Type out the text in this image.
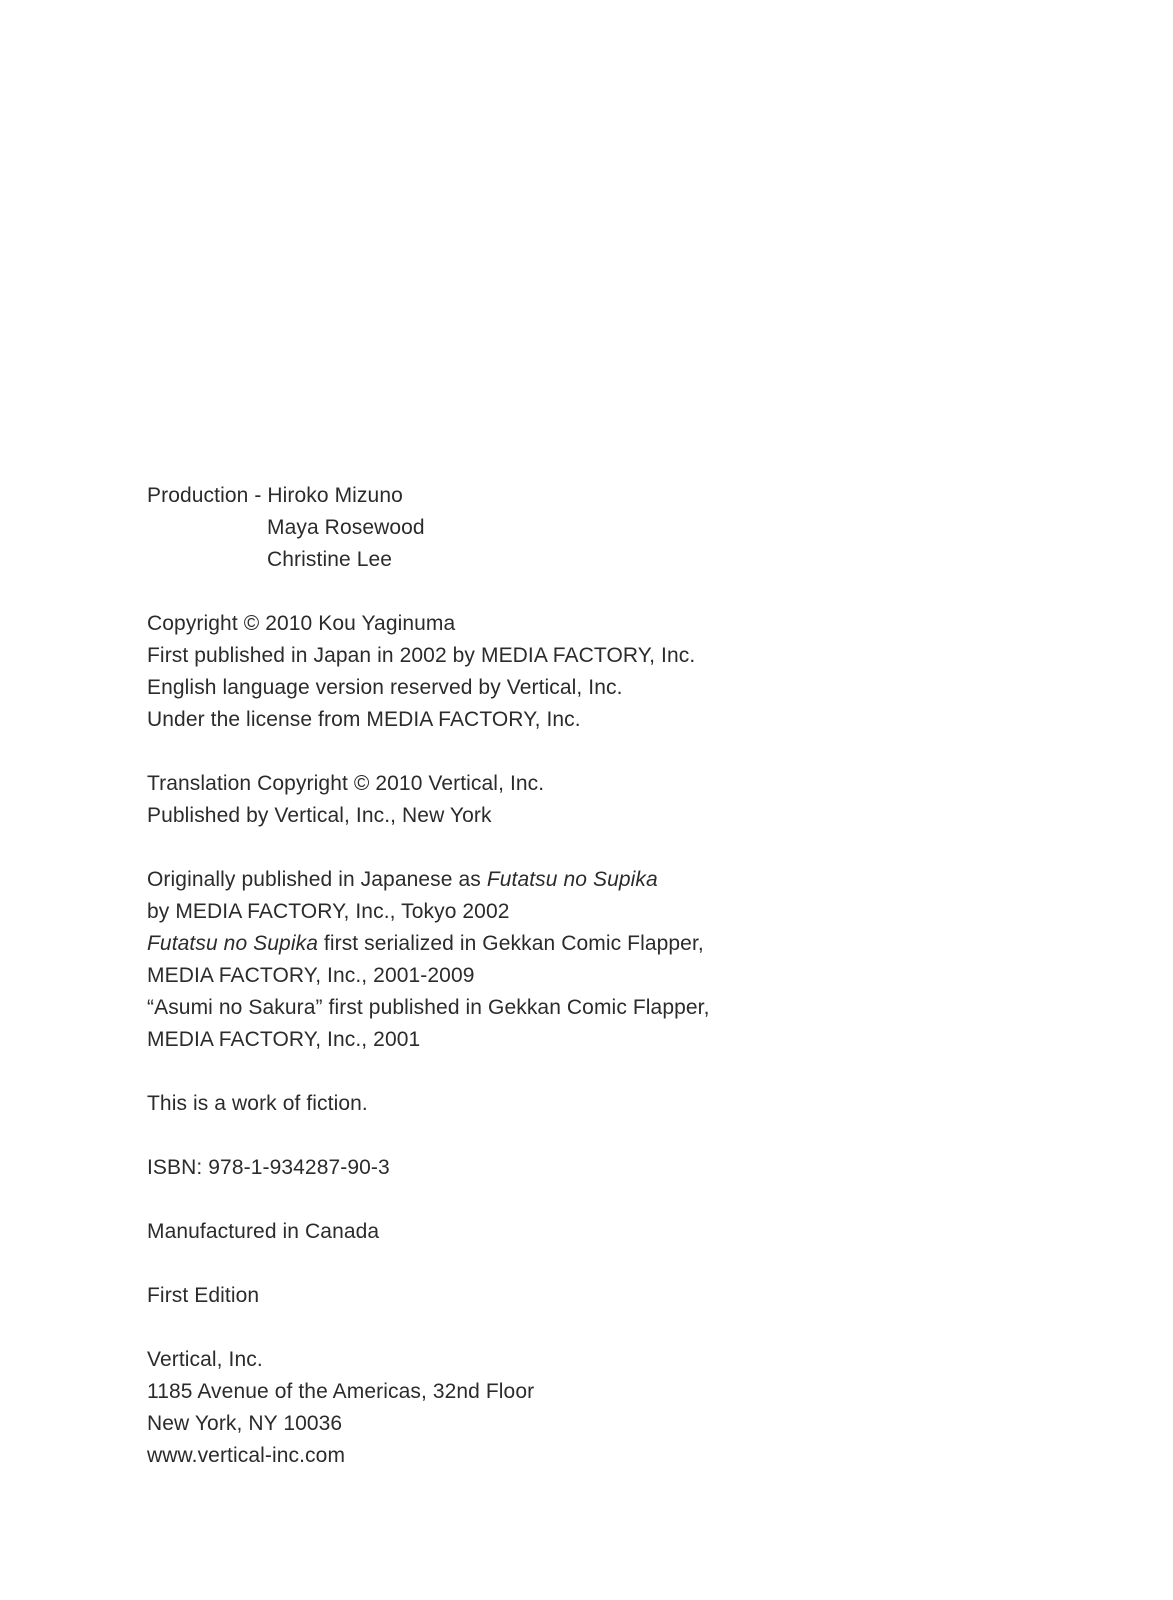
Production - Hiroko Mizuno
Maya Rosewood
Christine Lee
Copyright © 2010 Kou Yaginuma
First published in Japan in 2002 by MEDIA FACTORY, Inc.
English language version reserved by Vertical, Inc.
Under the license from MEDIA FACTORY, Inc.
Translation Copyright © 2010 Vertical, Inc.
Published by Vertical, Inc., New York
Originally published in Japanese as Futatsu no Supika
by MEDIA FACTORY, Inc., Tokyo 2002
Futatsu no Supika first serialized in Gekkan Comic Flapper,
MEDIA FACTORY, Inc., 2001-2009
“Asumi no Sakura” first published in Gekkan Comic Flapper,
MEDIA FACTORY, Inc., 2001
This is a work of fiction.
ISBN: 978-1-934287-90-3
Manufactured in Canada
First Edition
Vertical, Inc.
1185 Avenue of the Americas, 32nd Floor
New York, NY 10036
www.vertical-inc.com
